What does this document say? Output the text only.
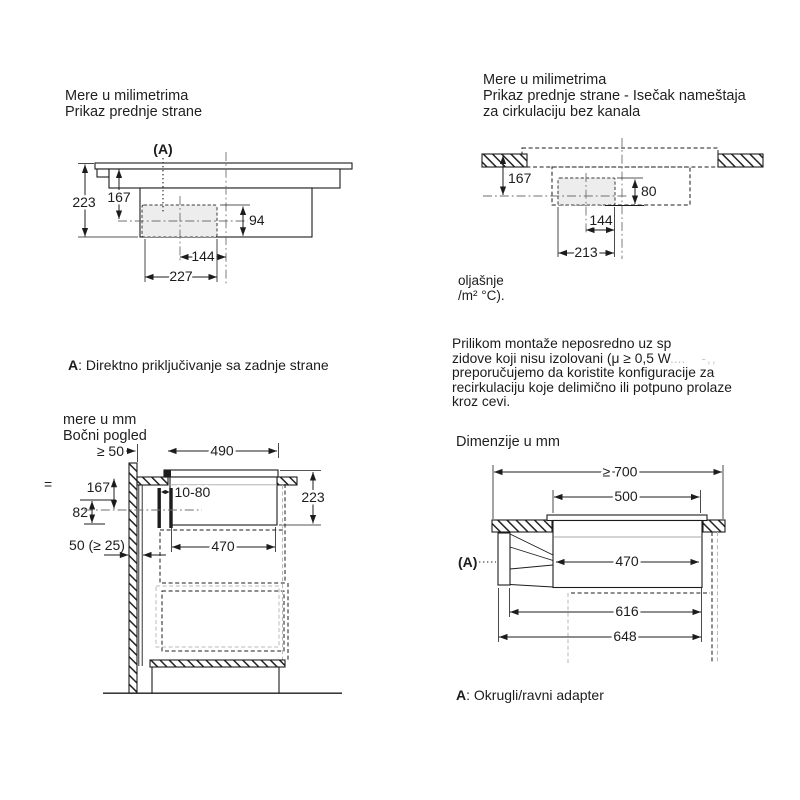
Mere u milimetrima
Prikaz prednje strane
Mere u milimetrima
Prikaz prednje strane - Isečak nameštaja
za cirkulaciju bez kanala
oljašnje
/m² °C).
Prilikom montaže neposredno uz sp
zidove koji nisu izolovani (μ ≥ 0,5 W.... -,,
preporučujemo da koristite konfiguracije za
recirkulaciju koje delimično ili potpuno prolaze
kroz cevi.
A: Direktno priključivanje sa zadnje strane
mere u mm
Bočni pogled	Dimenzije u mm
A: Okrugli/ravni adapter
(A)
223 167
94
144
227
167
80
144
213
=
≥ 50	490
10-80
167
82
50 (≥ 25)
223
470
≥ 700
500
(A)	470
616
648
